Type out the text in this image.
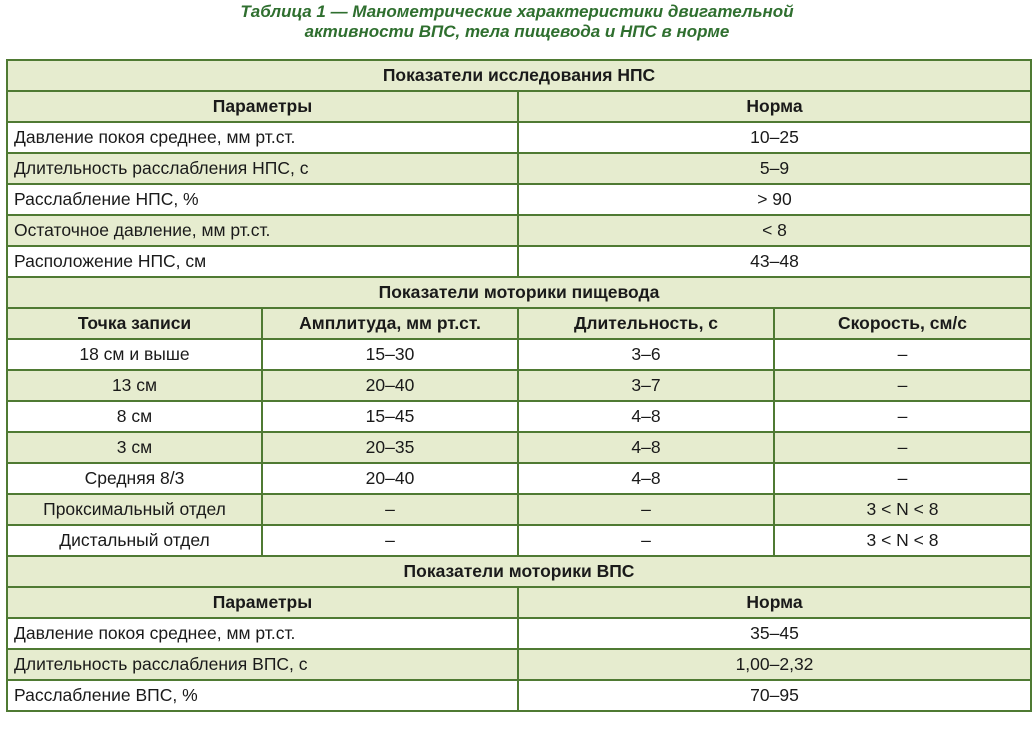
Таблица 1 — Манометрические характеристики двигательной
активности ВПС, тела пищевода и НПС в норме
Показатели исследования НПС			
Параметры		Норма	
Давление покоя среднее, мм рт.ст.		10–25	
Длительность расслабления НПС, с		5–9	
Расслабление НПС, %		> 90	
Остаточное давление, мм рт.ст.		< 8	
Расположение НПС, см		43–48	
Показатели моторики пищевода			
Точка записи	Амплитуда, мм рт.ст.	Длительность, с	Скорость, см/с
18 см и выше	15–30	3–6	–
13 см	20–40	3–7	–
8 см	15–45	4–8	–
3 см	20–35	4–8	–
Средняя 8/3	20–40	4–8	–
Проксимальный отдел	–	–	3 < N < 8
Дистальный отдел	–	–	3 < N < 8
Показатели моторики ВПС			
Параметры		Норма	
Давление покоя среднее, мм рт.ст.		35–45	
Длительность расслабления ВПС, с		1,00–2,32	
Расслабление ВПС, %		70–95	
